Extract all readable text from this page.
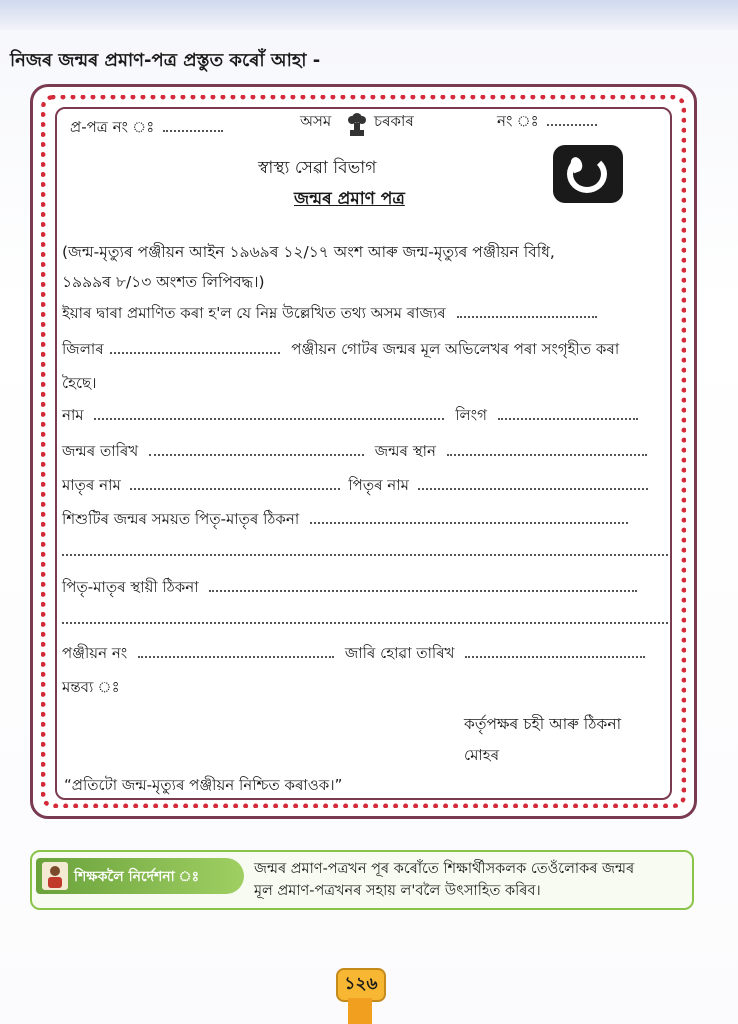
নিজৰ জন্মৰ প্ৰমাণ-পত্ৰ প্ৰস্তুত কৰোঁ আহা -
প্ৰ-পত্ৰ নং ঃ	অসম	চৰকাৰ	নং ঃ
স্বাস্থ্য সেৱা বিভাগ
জন্মৰ প্ৰমাণ পত্ৰ
(জন্ম-মৃত্যুৰ পঞ্জীয়ন আইন ১৯৬৯ৰ ১২/১৭ অংশ আৰু জন্ম-মৃত্যুৰ পঞ্জীয়ন বিধি,
১৯৯৯ৰ ৮/১৩ অংশত লিপিবদ্ধ।)
ইয়াৰ দ্বাৰা প্ৰমাণিত কৰা হ'ল যে নিম্ন উল্লেখিত তথ্য অসম ৰাজ্যৰ
জিলাৰ	পঞ্জীয়ন গোটৰ জন্মৰ মূল অভিলেখৰ পৰা সংগৃহীত কৰা
হৈছে।
নাম	লিংগ
জন্মৰ তাৰিখ	জন্মৰ স্থান
মাতৃৰ নাম	পিতৃৰ নাম
শিশুটিৰ জন্মৰ সময়ত পিতৃ-মাতৃৰ ঠিকনা
পিতৃ-মাতৃৰ স্থায়ী ঠিকনা
পঞ্জীয়ন নং	জাৰি হোৱা তাৰিখ
মন্তব্য ঃ
কৰ্তৃপক্ষৰ চহী আৰু ঠিকনা
মোহৰ
“প্ৰতিটো জন্ম-মৃত্যুৰ পঞ্জীয়ন নিশ্চিত কৰাওক।”
শিক্ষকলৈ নিৰ্দেশনা ঃ	জন্মৰ প্ৰমাণ-পত্ৰখন পূৰ কৰোঁতে শিক্ষাৰ্থীসকলক তেওঁলোকৰ জন্মৰ
মূল প্ৰমাণ-পত্ৰখনৰ সহায় ল'বলৈ উৎসাহিত কৰিব।
১২৬
